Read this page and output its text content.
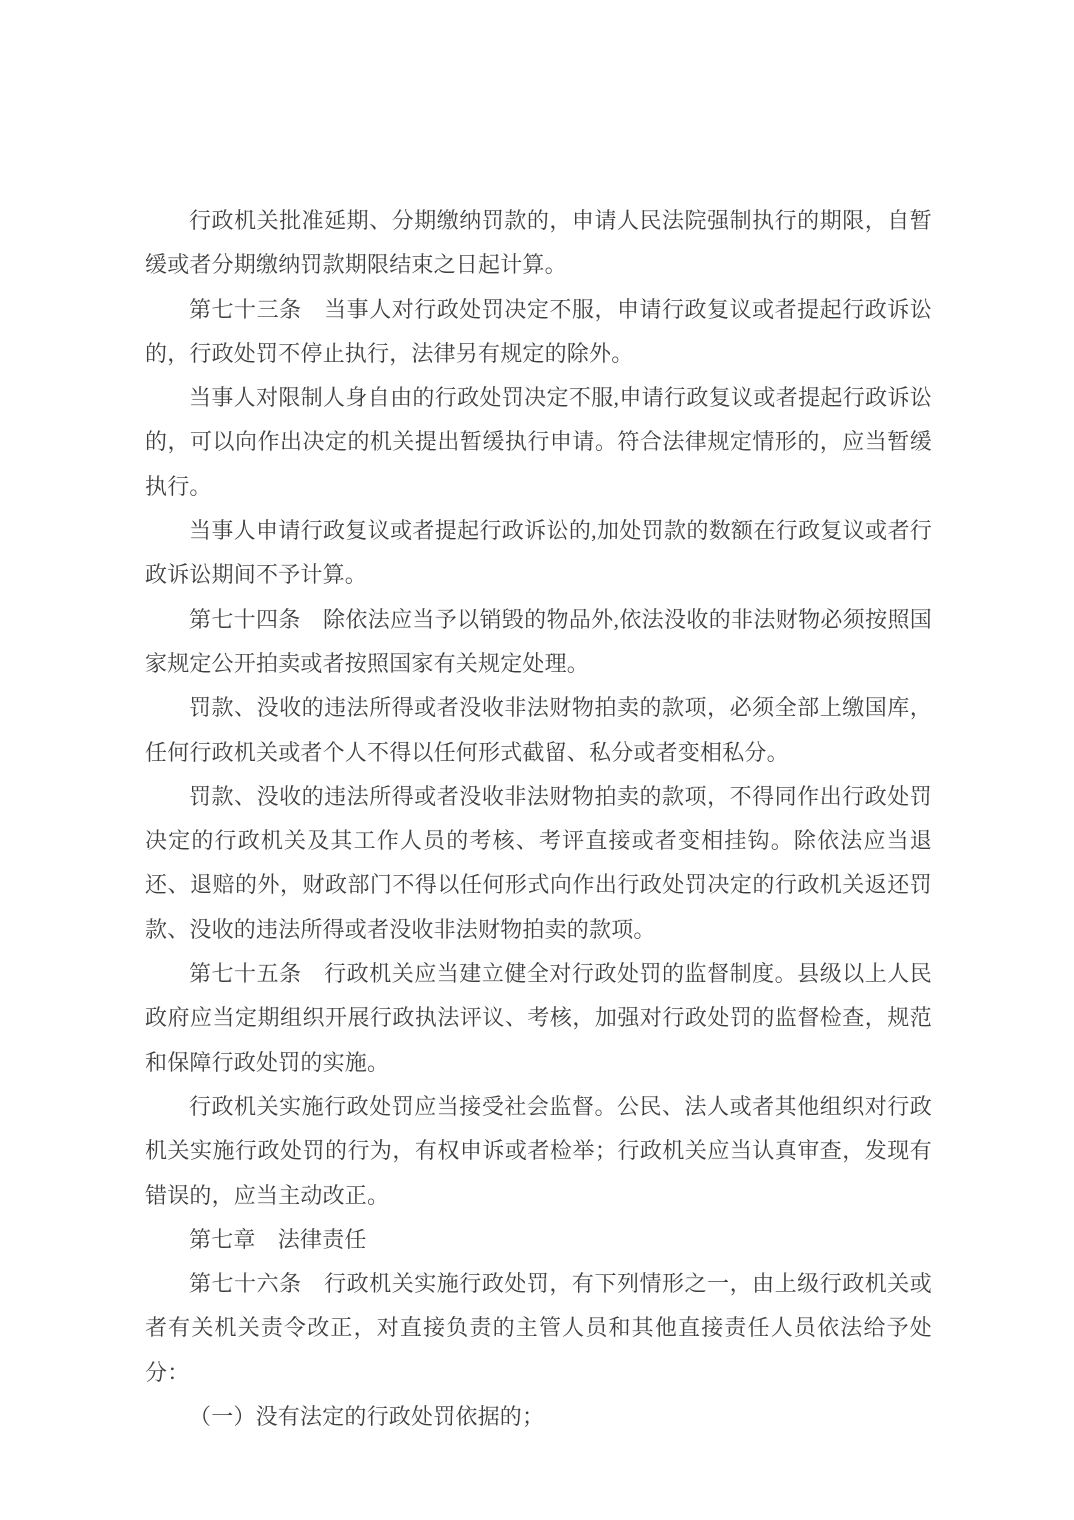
行政机关批准延期、分期缴纳罚款的，申请人民法院强制执行的期限，自暂缓或者分期缴纳罚款期限结束之日起计算。

第七十三条　当事人对行政处罚决定不服，申请行政复议或者提起行政诉讼的，行政处罚不停止执行，法律另有规定的除外。

当事人对限制人身自由的行政处罚决定不服,申请行政复议或者提起行政诉讼的，可以向作出决定的机关提出暂缓执行申请。符合法律规定情形的，应当暂缓执行。

当事人申请行政复议或者提起行政诉讼的,加处罚款的数额在行政复议或者行政诉讼期间不予计算。

第七十四条　除依法应当予以销毁的物品外,依法没收的非法财物必须按照国家规定公开拍卖或者按照国家有关规定处理。

罚款、没收的违法所得或者没收非法财物拍卖的款项，必须全部上缴国库，任何行政机关或者个人不得以任何形式截留、私分或者变相私分。

罚款、没收的违法所得或者没收非法财物拍卖的款项，不得同作出行政处罚决定的行政机关及其工作人员的考核、考评直接或者变相挂钩。除依法应当退还、退赔的外，财政部门不得以任何形式向作出行政处罚决定的行政机关返还罚款、没收的违法所得或者没收非法财物拍卖的款项。

第七十五条　行政机关应当建立健全对行政处罚的监督制度。县级以上人民政府应当定期组织开展行政执法评议、考核，加强对行政处罚的监督检查，规范和保障行政处罚的实施。

行政机关实施行政处罚应当接受社会监督。公民、法人或者其他组织对行政机关实施行政处罚的行为，有权申诉或者检举；行政机关应当认真审查，发现有错误的，应当主动改正。

第七章　法律责任

第七十六条　行政机关实施行政处罚，有下列情形之一，由上级行政机关或者有关机关责令改正，对直接负责的主管人员和其他直接责任人员依法给予处分：

（一）没有法定的行政处罚依据的；
